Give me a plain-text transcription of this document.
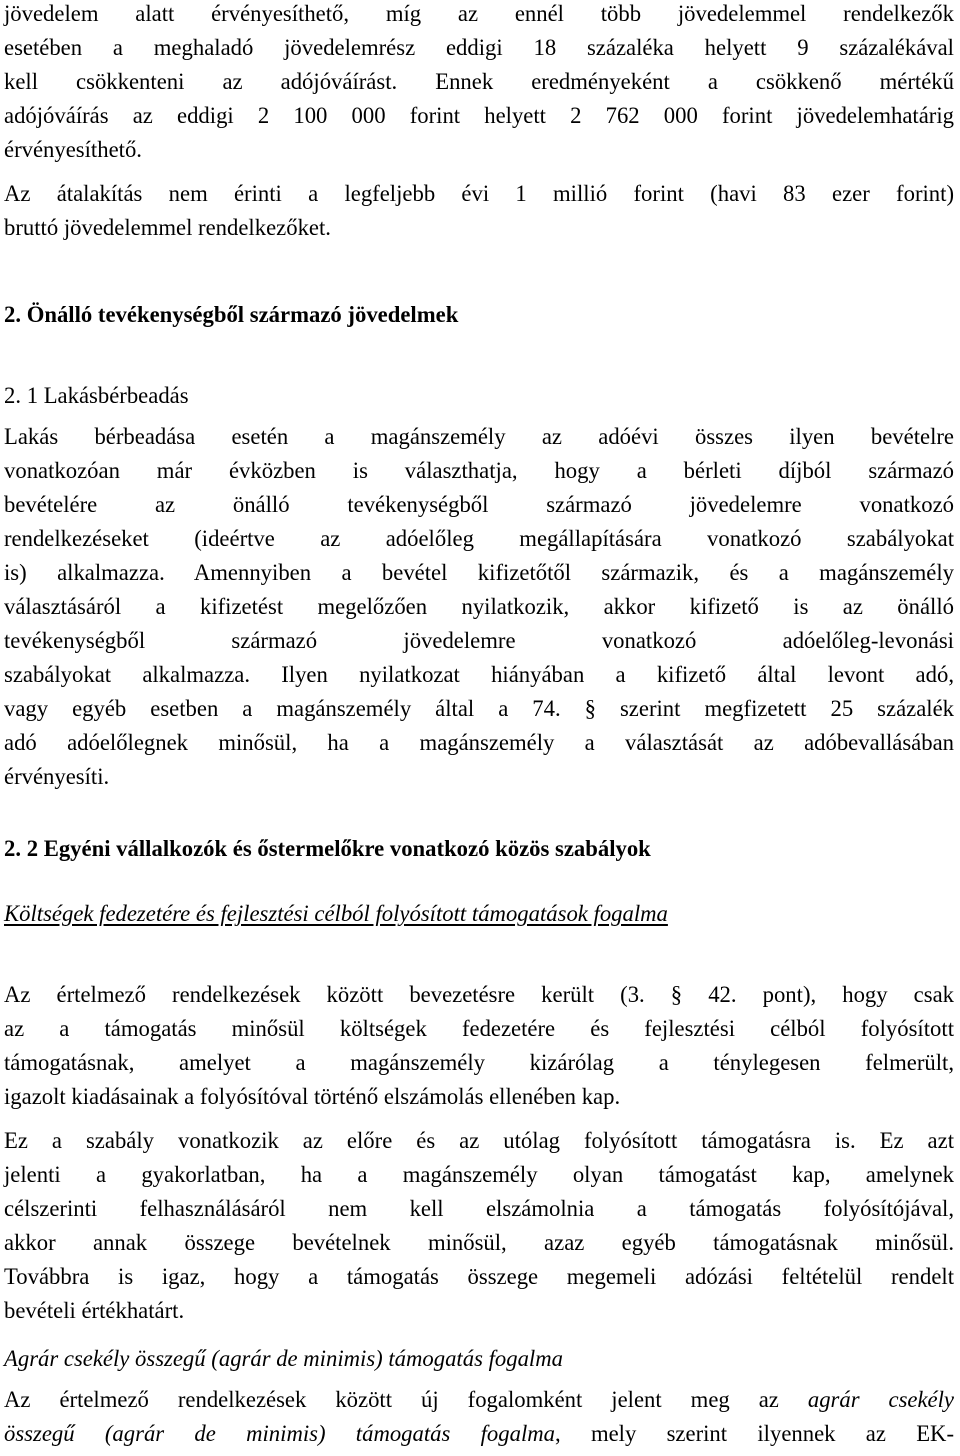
jövedelem alatt érvényesíthető, míg az ennél több jövedelemmel rendelkezők
esetében a meghaladó jövedelemrész eddigi 18 százaléka helyett 9 százalékával
kell csökkenteni az adójóváírást. Ennek eredményeként a csökkenő mértékű
adójóváírás az eddigi 2 100 000 forint helyett 2 762 000 forint jövedelemhatárig
érvényesíthető.
Az átalakítás nem érinti a legfeljebb évi 1 millió forint (havi 83 ezer forint)
bruttó jövedelemmel rendelkezőket.
2. Önálló tevékenységből származó jövedelmek
2. 1 Lakásbérbeadás
Lakás bérbeadása esetén a magánszemély az adóévi összes ilyen bevételre
vonatkozóan már évközben is választhatja, hogy a bérleti díjból származó
bevételére az önálló tevékenységből származó jövedelemre vonatkozó
rendelkezéseket (ideértve az adóelőleg megállapítására vonatkozó szabályokat
is) alkalmazza. Amennyiben a bevétel kifizetőtől származik, és a magánszemély
választásáról a kifizetést megelőzően nyilatkozik, akkor kifizető is az önálló
tevékenységből származó jövedelemre vonatkozó adóelőleg-levonási
szabályokat alkalmazza. Ilyen nyilatkozat hiányában a kifizető által levont adó,
vagy egyéb esetben a magánszemély által a 74. § szerint megfizetett 25 százalék
adó adóelőlegnek minősül, ha a magánszemély a választását az adóbevallásában
érvényesíti.
2. 2 Egyéni vállalkozók és őstermelőkre vonatkozó közös szabályok
Költségek fedezetére és fejlesztési célból folyósított támogatások fogalma
Az értelmező rendelkezések között bevezetésre került (3. § 42. pont), hogy csak
az a támogatás minősül költségek fedezetére és fejlesztési célból folyósított
támogatásnak, amelyet a magánszemély kizárólag a ténylegesen felmerült,
igazolt kiadásainak a folyósítóval történő elszámolás ellenében kap.
Ez a szabály vonatkozik az előre és az utólag folyósított támogatásra is. Ez azt
jelenti a gyakorlatban, ha a magánszemély olyan támogatást kap, amelynek
célszerinti felhasználásáról nem kell elszámolnia a támogatás folyósítójával,
akkor annak összege bevételnek minősül, azaz egyéb támogatásnak minősül.
Továbbra is igaz, hogy a támogatás összege megemeli adózási feltételül rendelt
bevételi értékhatárt.
Agrár csekély összegű (agrár de minimis) támogatás fogalma
Az értelmező rendelkezések között új fogalomként jelent meg az agrár csekély
összegű (agrár de minimis) támogatás fogalma, mely szerint ilyennek az EK-
